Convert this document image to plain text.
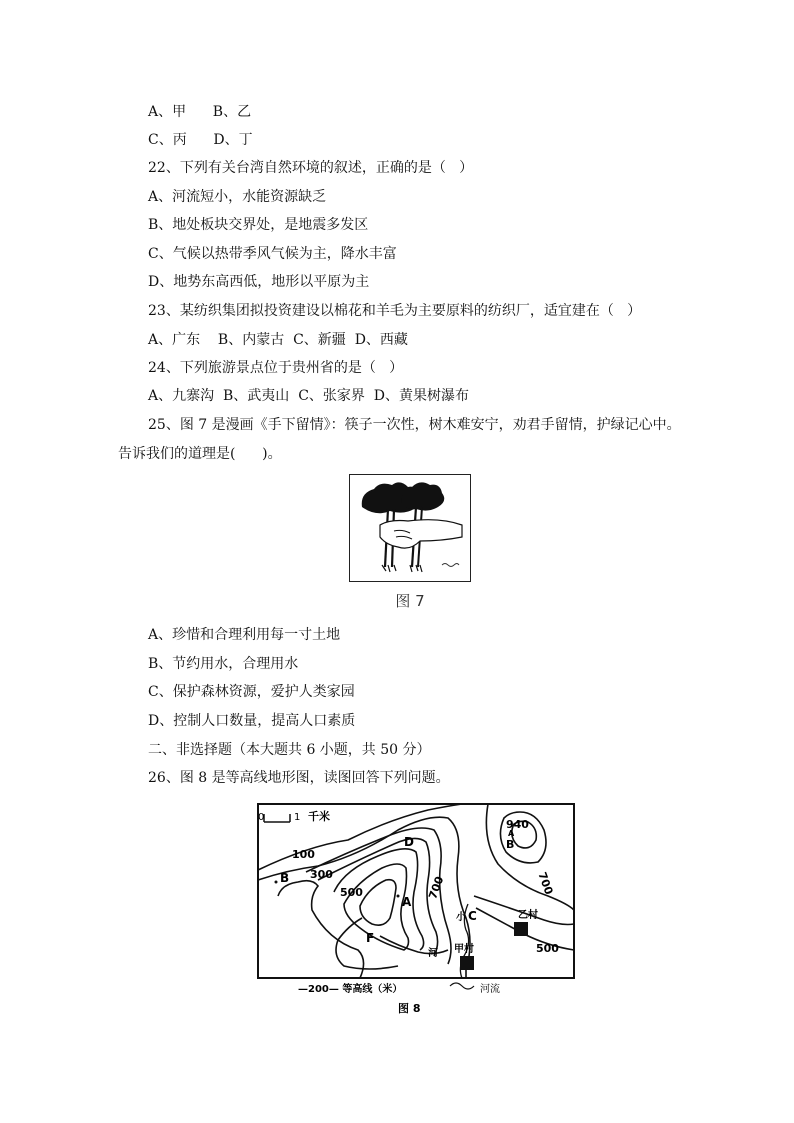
A、甲      B、乙
C、丙      D、丁
22、下列有关台湾自然环境的叙述，正确的是（   ）
A、河流短小，水能资源缺乏
B、地处板块交界处，是地震多发区
C、气候以热带季风气候为主，降水丰富
D、地势东高西低，地形以平原为主
23、某纺织集团拟投资建设以棉花和羊毛为主要原料的纺织厂，适宜建在（   ）
A、广东    B、内蒙古  C、新疆  D、西藏
24、下列旅游景点位于贵州省的是（   ）
A、九寨沟  B、武夷山  C、张家界  D、黄果树瀑布
25、图 7 是漫画《手下留情》：筷子一次性，树木难安宁，劝君手留情，护绿记心中。
告诉我们的道理是(      )。
图 7
A、珍惜和合理利用每一寸土地
B、节约用水，合理用水
C、保护森林资源，爱护人类家园
D、控制人口数量，提高人口素质
二、非选择题（本大题共 6 小题，共 50 分）
26、图 8 是等高线地形图，读图回答下列问题。
0	1 千米
100
300
500	700	700
500
940
A
B
B
A
C
D
F
小
河 甲村
乙村
—200— 等高线（米）	河流
图 8
